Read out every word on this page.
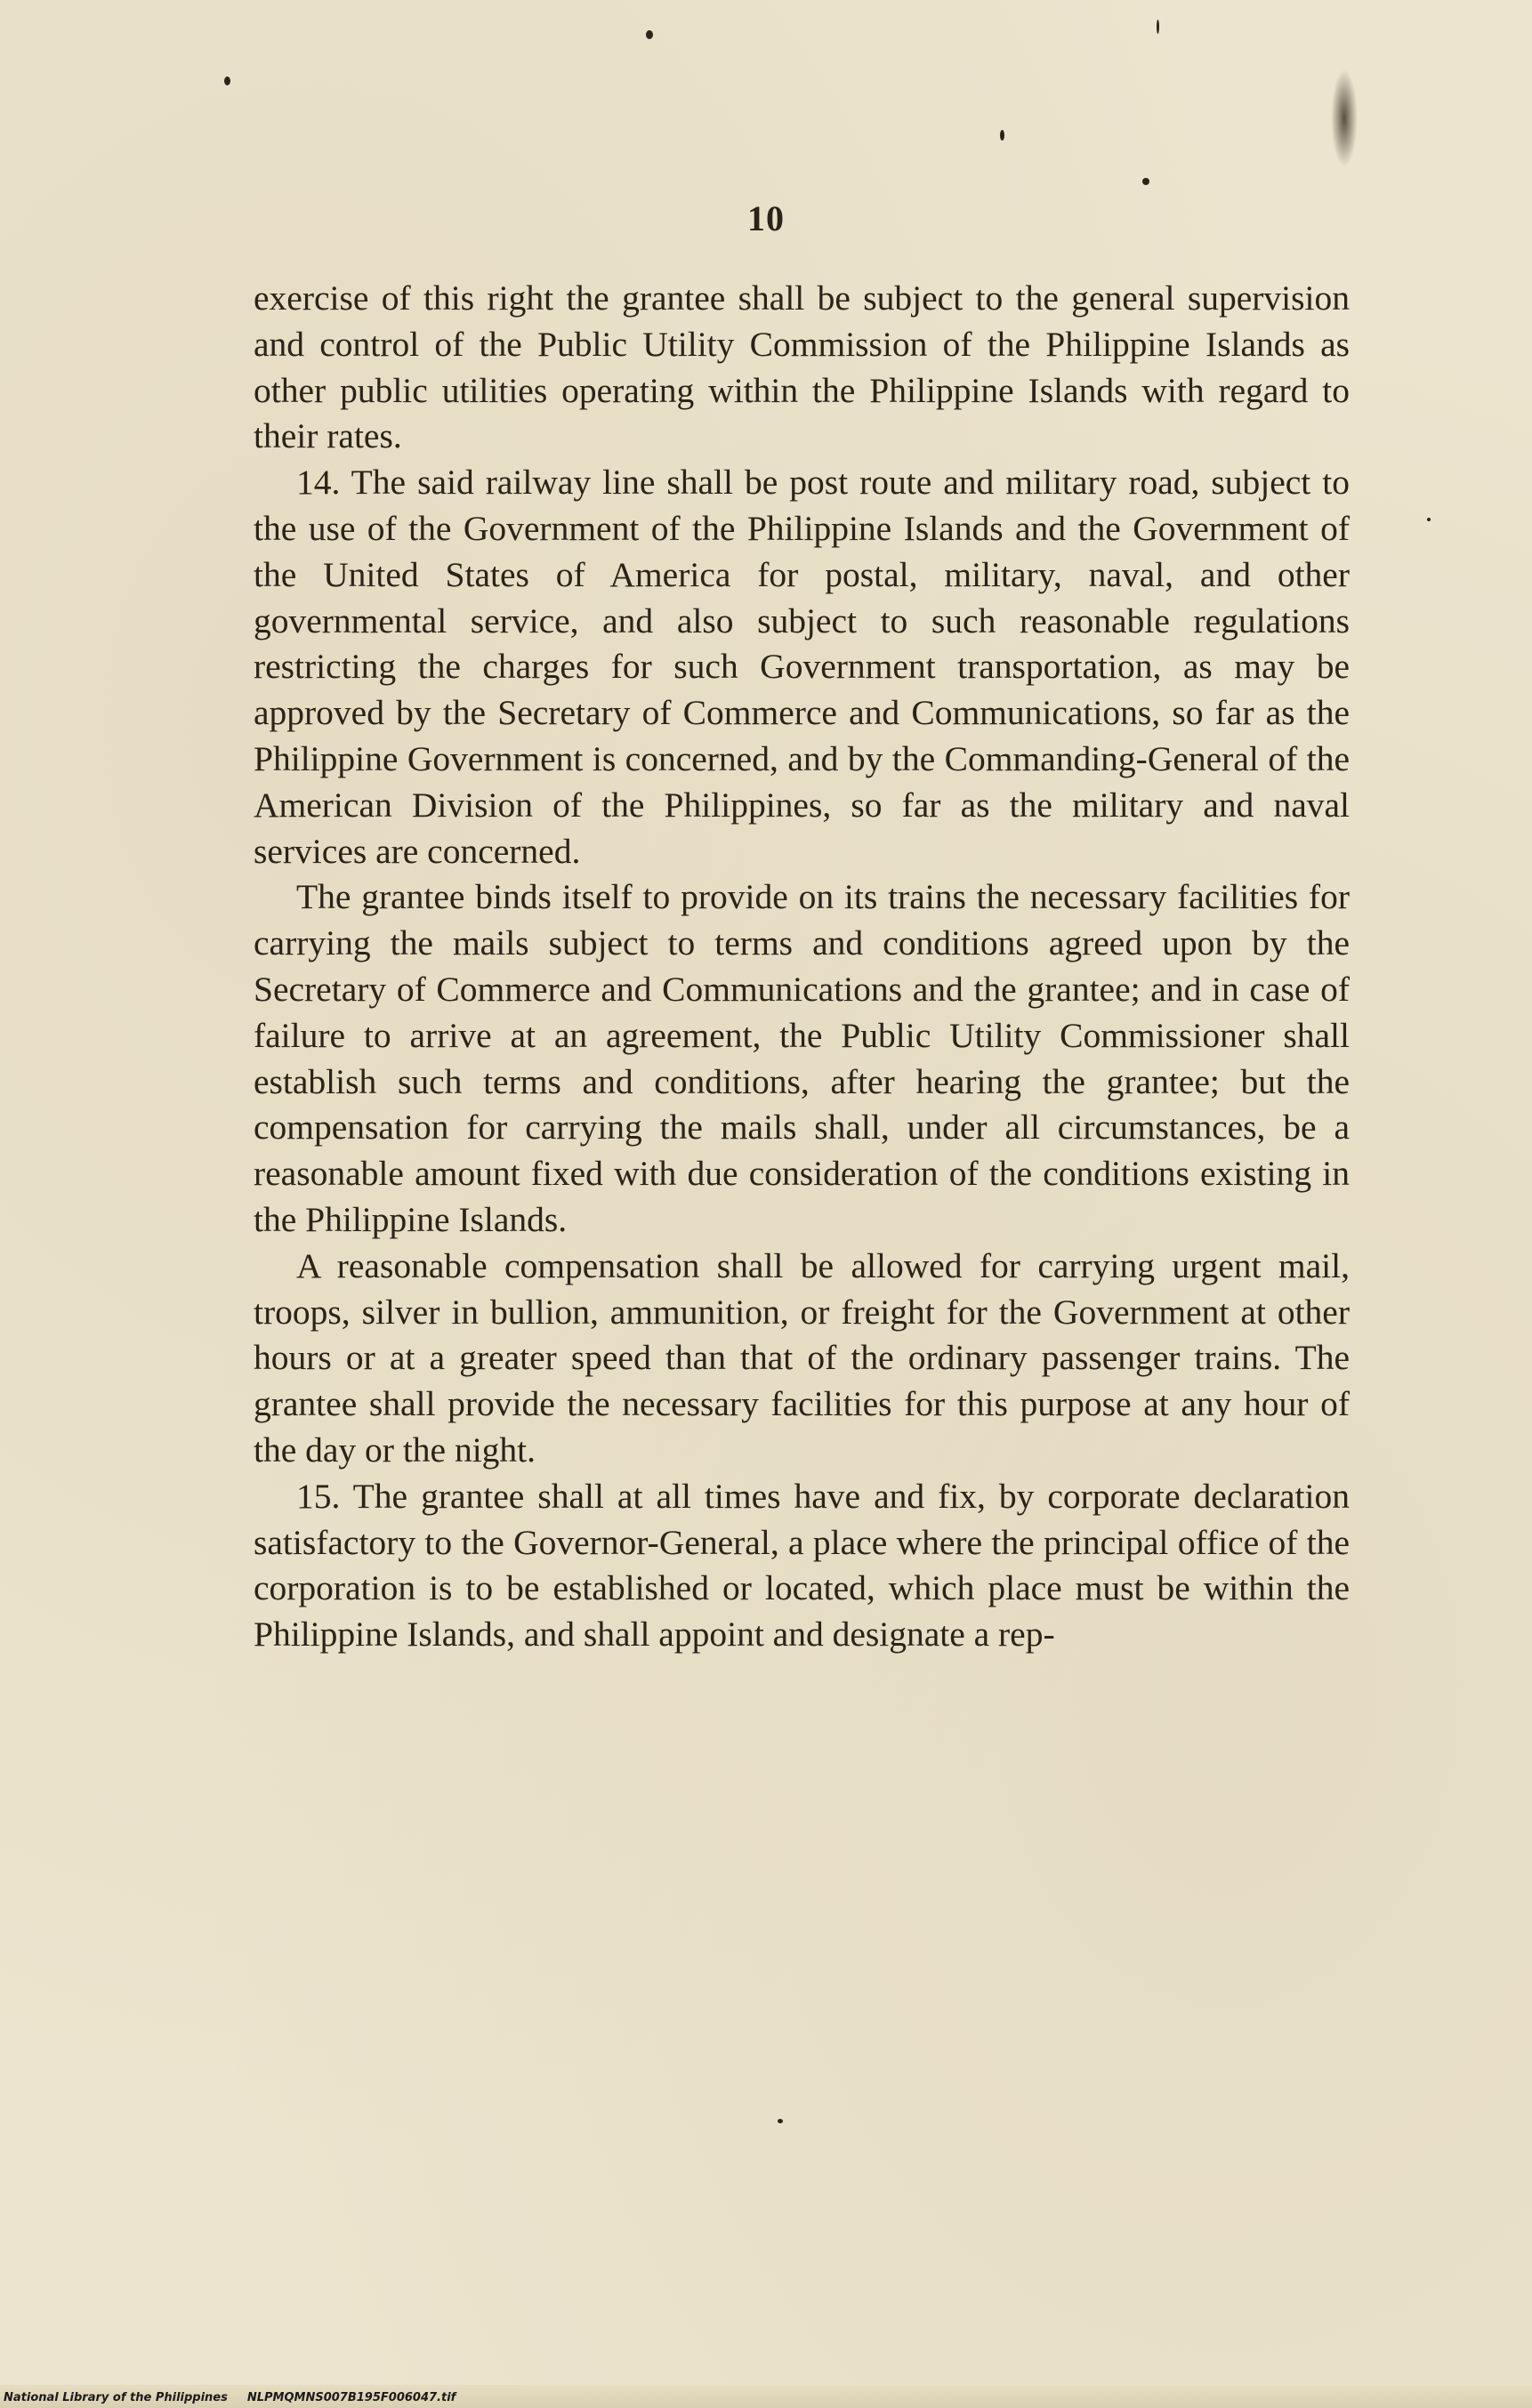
10

exercise of this right the grantee shall be subject to the general supervision and control of the Public Utility Commission of the Philippine Islands as other public utilities operating within the Philippine Islands with regard to their rates.

14. The said railway line shall be post route and military road, subject to the use of the Government of the Philippine Islands and the Government of the United States of America for postal, military, naval, and other governmental service, and also subject to such reasonable regulations restricting the charges for such Government transportation, as may be approved by the Secretary of Commerce and Communications, so far as the Philippine Government is concerned, and by the Commanding-General of the American Division of the Philippines, so far as the military and naval services are concerned.

The grantee binds itself to provide on its trains the necessary facilities for carrying the mails subject to terms and conditions agreed upon by the Secretary of Commerce and Communications and the grantee; and in case of failure to arrive at an agreement, the Public Utility Commissioner shall establish such terms and conditions, after hearing the grantee; but the compensation for carrying the mails shall, under all circumstances, be a reasonable amount fixed with due consideration of the conditions existing in the Philippine Islands.

A reasonable compensation shall be allowed for carrying urgent mail, troops, silver in bullion, ammunition, or freight for the Government at other hours or at a greater speed than that of the ordinary passenger trains. The grantee shall provide the necessary facilities for this purpose at any hour of the day or the night.

15. The grantee shall at all times have and fix, by corporate declaration satisfactory to the Governor-General, a place where the principal office of the corporation is to be established or located, which place must be within the Philippine Islands, and shall appoint and designate a rep-

National Library of the Philippines NLPMQMNS007B195F006047.tif
